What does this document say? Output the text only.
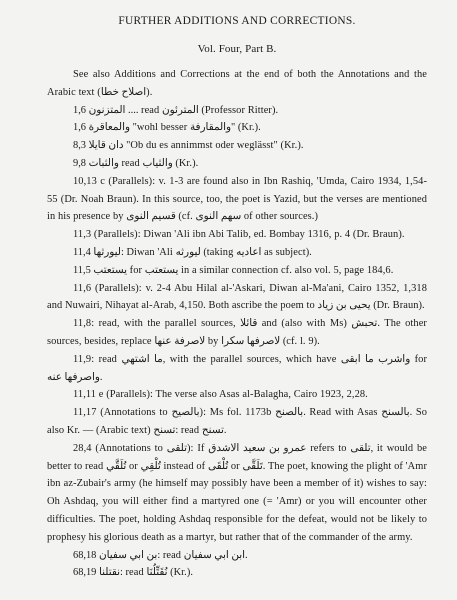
FURTHER ADDITIONS AND CORRECTIONS.
Vol. Four, Part B.

See also Additions and Corrections at the end of both the Annotations and the Arabic text (اصلاح خطا).

1,6 المتزنون .... read المترئون (Professor Ritter).

1,6 والمعاقرة "wohl besser والمقارفة" (Kr.).

8,3 دان قايلا "Ob du es annimmst oder weglässt" (Kr.).

9,8 والثبات read والثياب (Kr.).

10,13 c (Parallels): v. 1-3 are found also in Ibn Rashiq, 'Umda, Cairo 1934, 1,54-55 (Dr. Noah Braun). In this source, too, the poet is Yazid, but the verses are mentioned in his presence by قسيم النوى (cf. سهم النوى of other sources.)

11,3 (Parallels): Diwan 'Ali ibn Abi Talib, ed. Bombay 1316, p. 4 (Dr. Braun).

11,4 ليورثها: Diwan 'Ali ليورثه (taking اعاديه as subject).

11,5 يستعتب for يستعتب in a similar connection cf. also vol. 5, page 184,6.

11,6 (Parallels): v. 2-4 Abu Hilal al-'Askari, Diwan al-Ma'ani, Cairo 1352, 1,318 and Nuwairi, Nihayat al-Arab, 4,150. Both ascribe the poem to يحيى بن زياد (Dr. Braun).

11,8: read, with the parallel sources, قائلا and (also with Ms) تحبش. The other sources, besides, replace لاصرفة عنها by لاصرفها سكرا (cf. l. 9).

11,9: read ما اشتهي, with the parallel sources, which have واشرب ما ابقى for واصرفها عنه.

11,11 e (Parallels): The verse also Asas al-Balagha, Cairo 1923, 2,28.

11,17 (Annotations to بالصيح): Ms fol. 1173b بالصنح. Read with Asas بالسنح. So also Kr. — (Arabic text) تسنح: read تسنح.

28,4 (Annotations to تلقى): If عمرو بن سعيد الاشدق refers to تلقى, it would be better to read تُلَقَّي or تُلْقِي instead of تُلْقَى or تَلَقَّى. The poet, knowing the plight of 'Amr ibn az-Zubair's army (he himself may possibly have been a member of it) wishes to say: Oh Ashdaq, you will either find a martyred one (= 'Amr) or you will encounter other difficulties. The poet, holding Ashdaq responsible for the defeat, would not be likely to prophesy his glorious death as a martyr, but rather that of the commander of the army.

68,18 بن ابي سفيان: read ابن ابي سفيان.

68,19 نقتلنا: read نُقَتِّلُنَا (Kr.).
